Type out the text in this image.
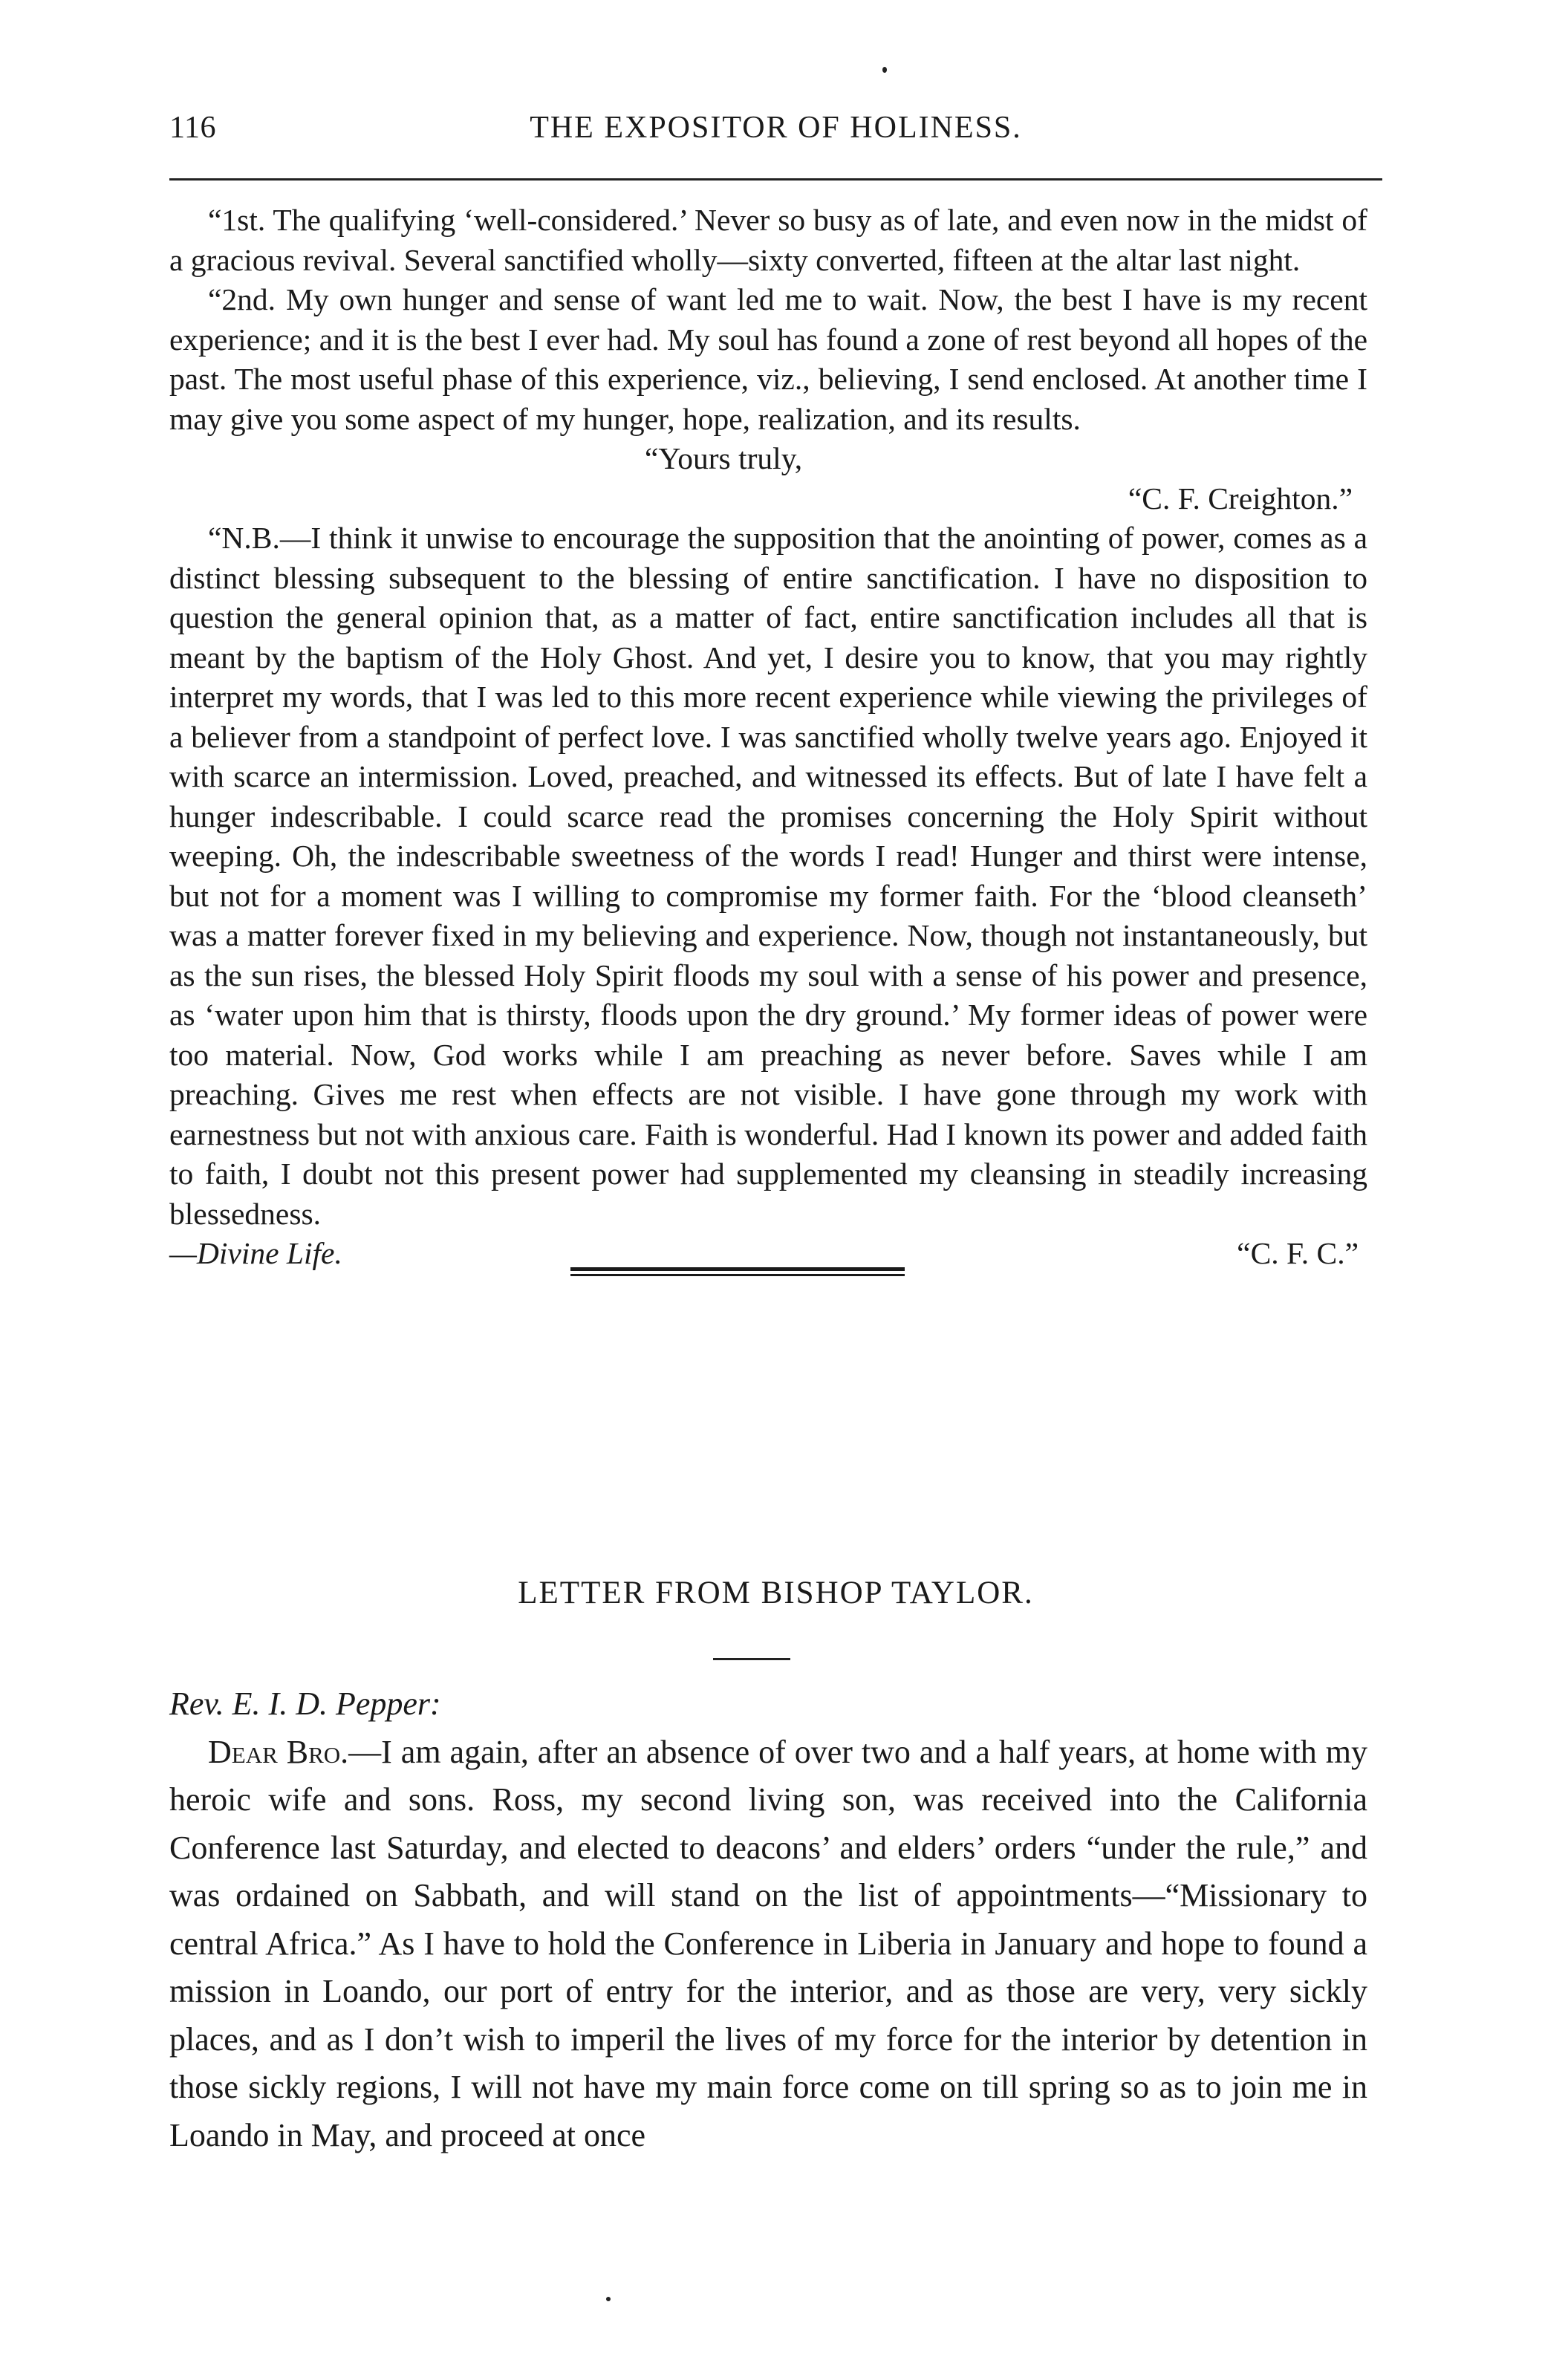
116	THE EXPOSITOR OF HOLINESS.

“1st. The qualifying ‘well-considered.’ Never so busy as of late, and even now in the midst of a gracious revival. Several sanctified wholly—sixty converted, fifteen at the altar last night.

“2nd. My own hunger and sense of want led me to wait. Now, the best I have is my recent experience; and it is the best I ever had. My soul has found a zone of rest beyond all hopes of the past. The most useful phase of this experience, viz., believing, I send enclosed. At another time I may give you some aspect of my hunger, hope, realization, and its results.

“Yours truly,

“C. F. Creighton.”

“N.B.—I think it unwise to encourage the supposition that the anointing of power, comes as a distinct blessing subsequent to the blessing of entire sanctification. I have no disposition to question the general opinion that, as a matter of fact, entire sanctification includes all that is meant by the baptism of the Holy Ghost. And yet, I desire you to know, that you may rightly interpret my words, that I was led to this more recent experience while viewing the privileges of a believer from a standpoint of perfect love. I was sanctified wholly twelve years ago. Enjoyed it with scarce an intermission. Loved, preached, and witnessed its effects. But of late I have felt a hunger indescribable. I could scarce read the promises concerning the Holy Spirit without weeping. Oh, the indescribable sweetness of the words I read! Hunger and thirst were intense, but not for a moment was I willing to compromise my former faith. For the ‘blood cleanseth’ was a matter forever fixed in my believing and experience. Now, though not instantaneously, but as the sun rises, the blessed Holy Spirit floods my soul with a sense of his power and presence, as ‘water upon him that is thirsty, floods upon the dry ground.’ My former ideas of power were too material. Now, God works while I am preaching as never before. Saves while I am preaching. Gives me rest when effects are not visible. I have gone through my work with earnestness but not with anxious care. Faith is wonderful. Had I known its power and added faith to faith, I doubt not this present power had supplemented my cleansing in steadily increasing blessedness.

—Divine Life.	“C. F. C.”
LETTER FROM BISHOP TAYLOR.

Rev. E. I. D. Pepper:

Dear Bro.—I am again, after an absence of over two and a half years, at home with my heroic wife and sons. Ross, my second living son, was received into the California Conference last Saturday, and elected to deacons’ and elders’ orders “under the rule,” and was ordained on Sabbath, and will stand on the list of appointments—“Missionary to central Africa.” As I have to hold the Conference in Liberia in January and hope to found a mission in Loando, our port of entry for the interior, and as those are very, very sickly places, and as I don’t wish to imperil the lives of my force for the interior by detention in those sickly regions, I will not have my main force come on till spring so as to join me in Loando in May, and proceed at once
